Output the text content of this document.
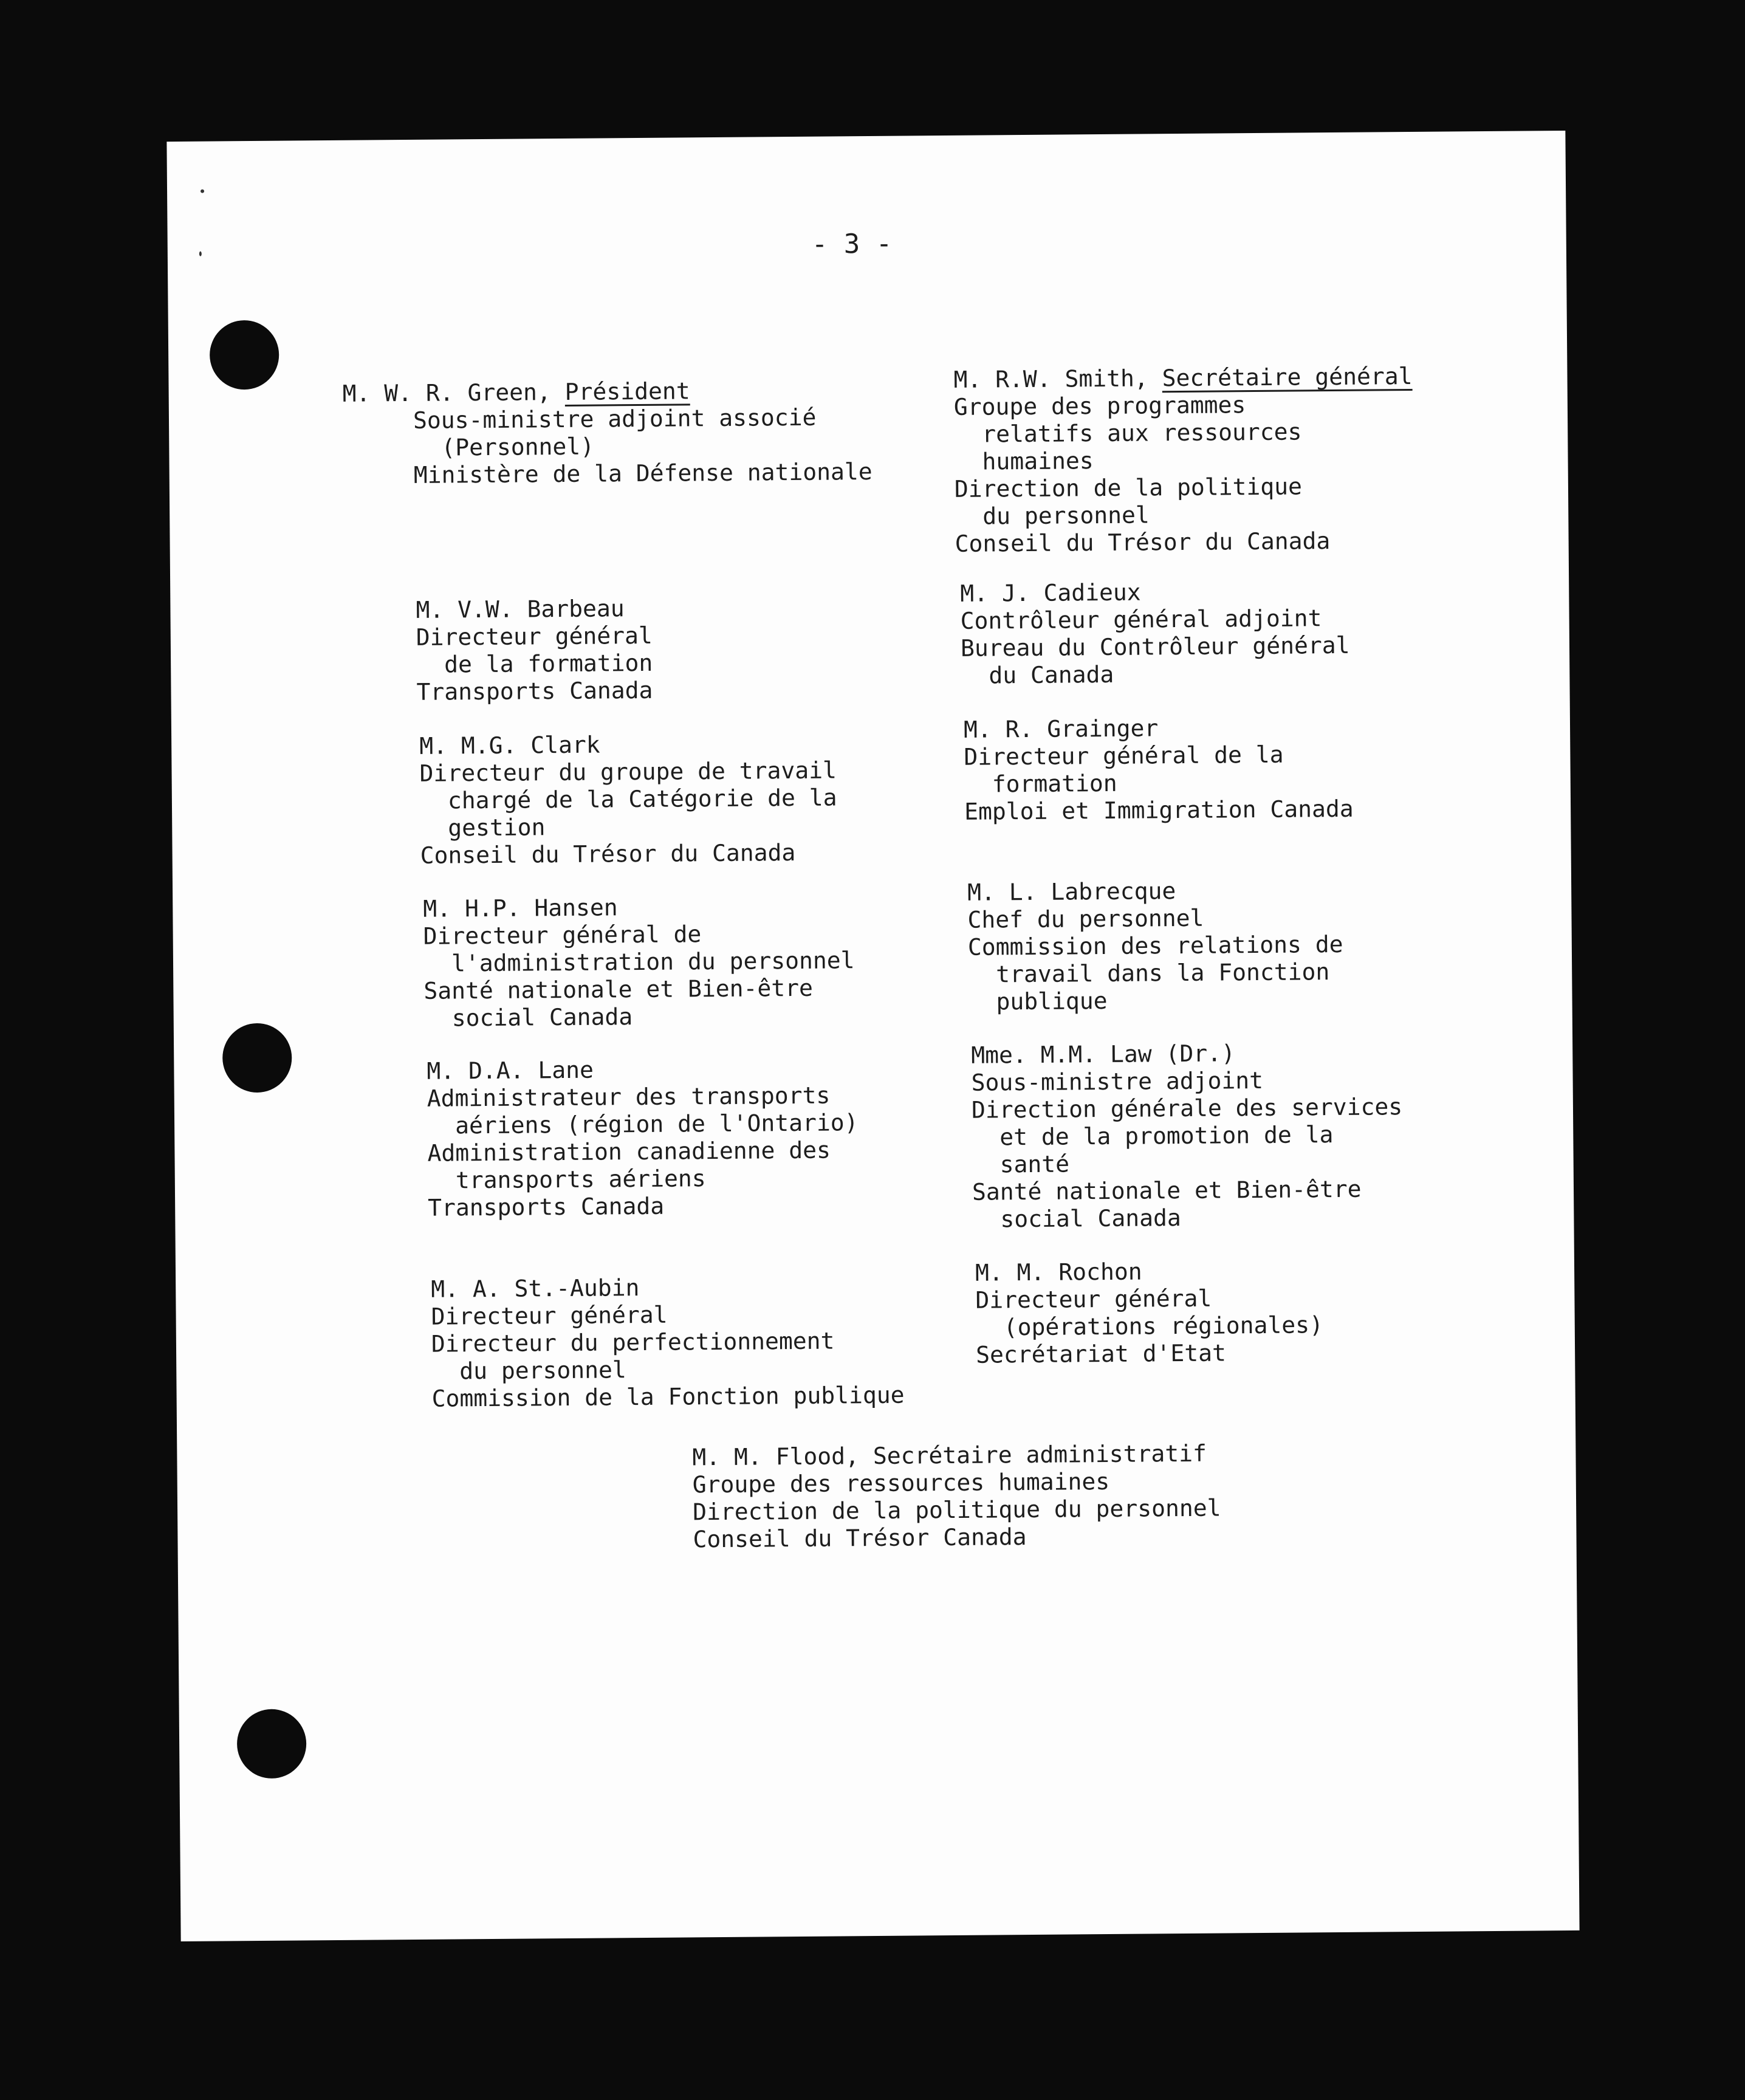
- 3 -
M. W. R. Green, Président
Sous-ministre adjoint associé
(Personnel)
Ministère de la Défense nationale
M. R.W. Smith, Secrétaire général
Groupe des programmes
relatifs aux ressources
humaines
Direction de la politique
du personnel
Conseil du Trésor du Canada
M. V.W. Barbeau
Directeur général
de la formation
Transports Canada
M. M.G. Clark
Directeur du groupe de travail
chargé de la Catégorie de la
gestion
Conseil du Trésor du Canada
M. H.P. Hansen
Directeur général de
l'administration du personnel
Santé nationale et Bien-être
social Canada
M. D.A. Lane
Administrateur des transports
aériens (région de l'Ontario)
Administration canadienne des
transports aériens
Transports Canada
M. A. St.-Aubin
Directeur général
Directeur du perfectionnement
du personnel
Commission de la Fonction publique
M. J. Cadieux
Contrôleur général adjoint
Bureau du Contrôleur général
du Canada
M. R. Grainger
Directeur général de la
formation
Emploi et Immigration Canada
M. L. Labrecque
Chef du personnel
Commission des relations de
travail dans la Fonction
publique
Mme. M.M. Law (Dr.)
Sous-ministre adjoint
Direction générale des services
et de la promotion de la
santé
Santé nationale et Bien-être
social Canada
M. M. Rochon
Directeur général
(opérations régionales)
Secrétariat d'Etat
M. M. Flood, Secrétaire administratif
Groupe des ressources humaines
Direction de la politique du personnel
Conseil du Trésor Canada
